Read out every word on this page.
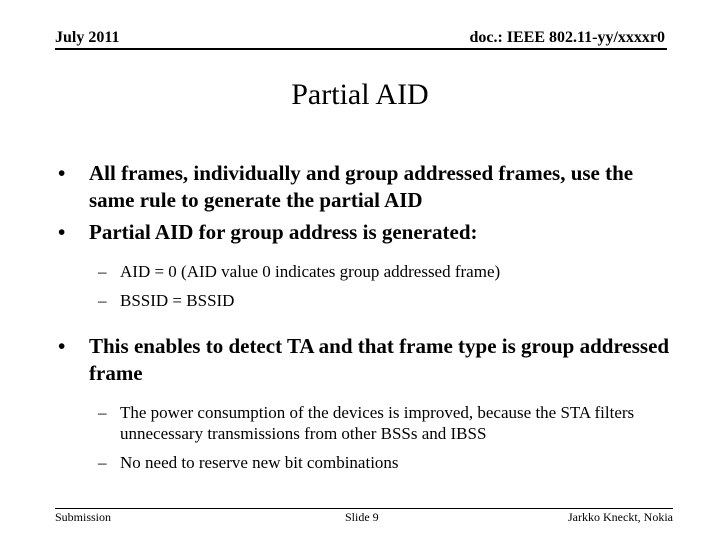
July 2011	doc.: IEEE 802.11-yy/xxxxr0
Partial AID
• All frames, individually and group addressed frames, use the same rule to generate the partial AID
• Partial AID for group address is generated:
– AID = 0 (AID value 0 indicates group addressed frame)
– BSSID = BSSID
• This enables to detect TA and that frame type is group addressed frame
– The power consumption of the devices is improved, because the STA filters unnecessary transmissions from other BSSs and IBSS
– No need to reserve new bit combinations
Submission	Slide 9	Jarkko Kneckt, Nokia
